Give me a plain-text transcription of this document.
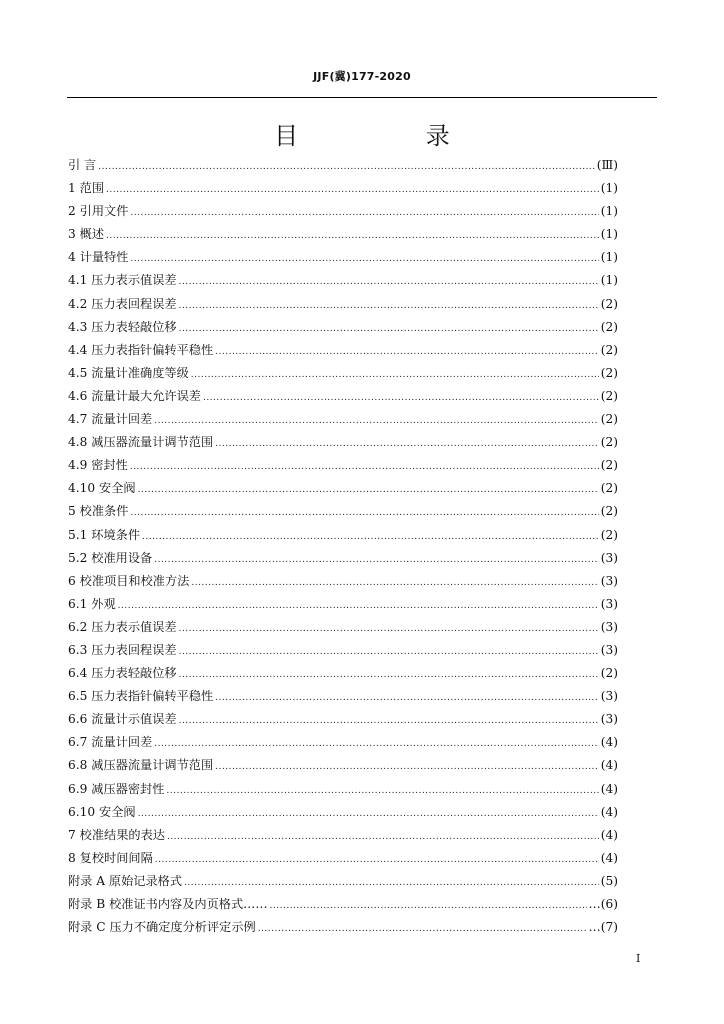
JJF(冀)177-2020
目 录
引 言 .....	(Ⅲ)
1 范围 .....	(1)
2 引用文件 .....	(1)
3 概述 .....	(1)
4 计量特性 .....	(1)
4.1 压力表示值误差 .....	(1)
4.2 压力表回程误差 .....	(2)
4.3 压力表轻敲位移 .....	(2)
4.4 压力表指针偏转平稳性 .....	(2)
4.5 流量计准确度等级 .....	(2)
4.6 流量计最大允许误差 .....	(2)
4.7 流量计回差 .....	(2)
4.8 减压器流量计调节范围 .....	(2)
4.9 密封性 .....	(2)
4.10 安全阀 .....	(2)
5 校准条件 .....	(2)
5.1 环境条件 .....	(2)
5.2 校准用设备 .....	(3)
6 校准项目和校准方法 .....	(3)
6.1 外观 .....	(3)
6.2 压力表示值误差 .....	(3)
6.3 压力表回程误差 .....	(3)
6.4 压力表轻敲位移 .....	(2)
6.5 压力表指针偏转平稳性 .....	(3)
6.6 流量计示值误差 .....	(3)
6.7 流量计回差 .....	(4)
6.8 减压器流量计调节范围 .....	(4)
6.9 减压器密封性 .....	(4)
6.10 安全阀 .....	(4)
7 校准结果的表达 .....	(4)
8 复校时间间隔 .....	(4)
附录 A 原始记录格式 .....	(5)
附录 B 校准证书内容及内页格式…… .....	…(6)
附录 C 压力不确定度分析评定示例 .....	…(7)
I
